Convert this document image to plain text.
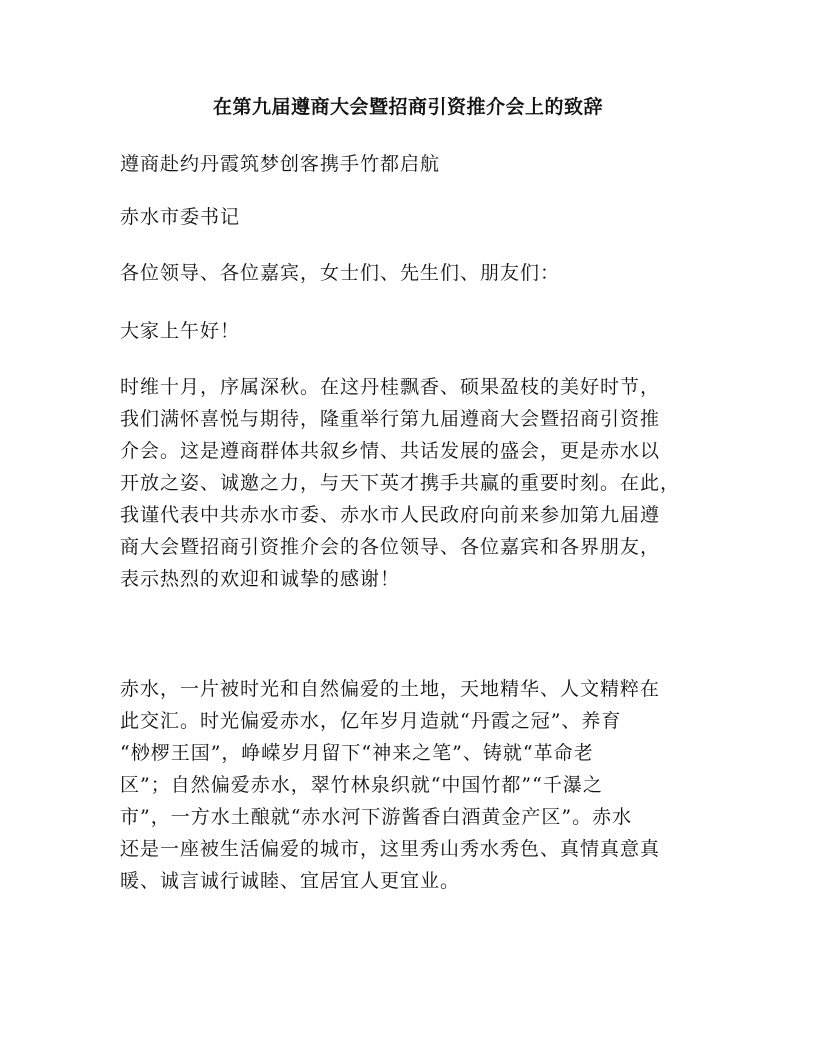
在第九届遵商大会暨招商引资推介会上的致辞
遵商赴约丹霞筑梦创客携手竹都启航
赤水市委书记
各位领导、各位嘉宾，女士们、先生们、朋友们：
大家上午好！
时维十月，序属深秋。在这丹桂飘香、硕果盈枝的美好时节，
我们满怀喜悦与期待，隆重举行第九届遵商大会暨招商引资推
介会。这是遵商群体共叙乡情、共话发展的盛会，更是赤水以
开放之姿、诚邀之力，与天下英才携手共赢的重要时刻。在此，
我谨代表中共赤水市委、赤水市人民政府向前来参加第九届遵
商大会暨招商引资推介会的各位领导、各位嘉宾和各界朋友，
表示热烈的欢迎和诚挚的感谢！
赤水，一片被时光和自然偏爱的土地，天地精华、人文精粹在
此交汇。时光偏爱赤水，亿年岁月造就“丹霞之冠”、养育
“桫椤王国”，峥嵘岁月留下“神来之笔”、铸就“革命老
区”；自然偏爱赤水，翠竹林泉织就“中国竹都”“千瀑之
市”，一方水土酿就“赤水河下游酱香白酒黄金产区”。赤水
还是一座被生活偏爱的城市，这里秀山秀水秀色、真情真意真
暖、诚言诚行诚睦、宜居宜人更宜业。
